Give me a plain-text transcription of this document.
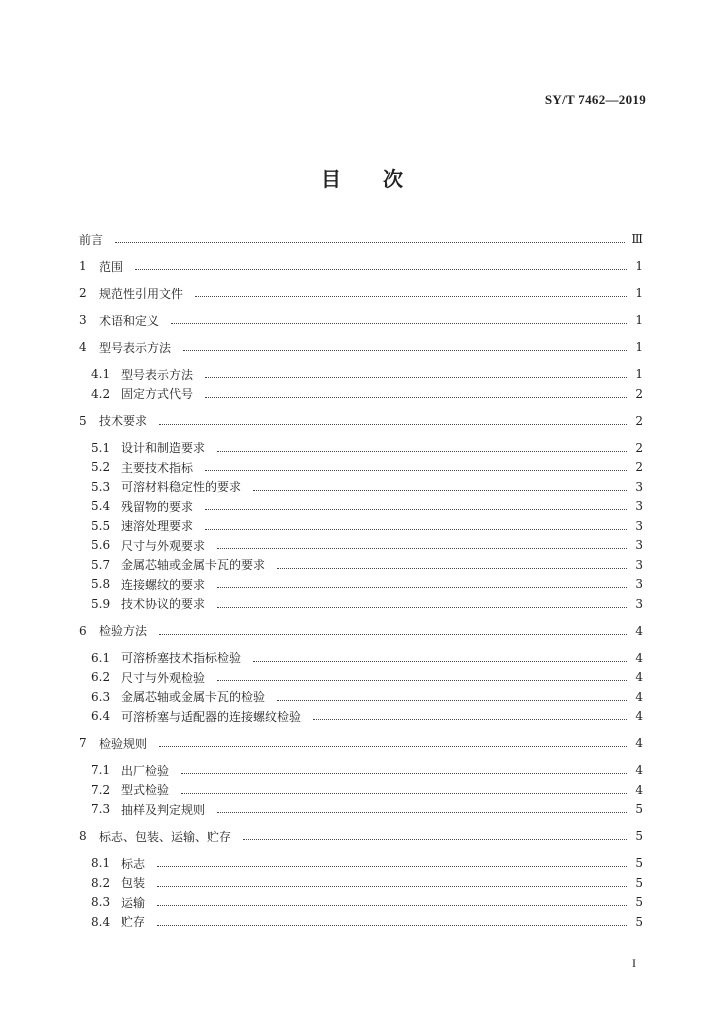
SY/T 7462—2019
目 次
前言	Ⅲ
1	范围	1
2	规范性引用文件	1
3	术语和定义	1
4	型号表示方法	1
4.1 型号表示方法	1
4.2 固定方式代号	2
5	技术要求	2
5.1 设计和制造要求	2
5.2 主要技术指标	2
5.3 可溶材料稳定性的要求	3
5.4 残留物的要求	3
5.5 速溶处理要求	3
5.6 尺寸与外观要求	3
5.7 金属芯轴或金属卡瓦的要求	3
5.8 连接螺纹的要求	3
5.9 技术协议的要求	3
6	检验方法	4
6.1 可溶桥塞技术指标检验	4
6.2 尺寸与外观检验	4
6.3 金属芯轴或金属卡瓦的检验	4
6.4 可溶桥塞与适配器的连接螺纹检验	4
7	检验规则	4
7.1 出厂检验	4
7.2 型式检验	4
7.3 抽样及判定规则	5
8	标志、包装、运输、贮存	5
8.1 标志	5
8.2 包装	5
8.3 运输	5
8.4 贮存	5
I
